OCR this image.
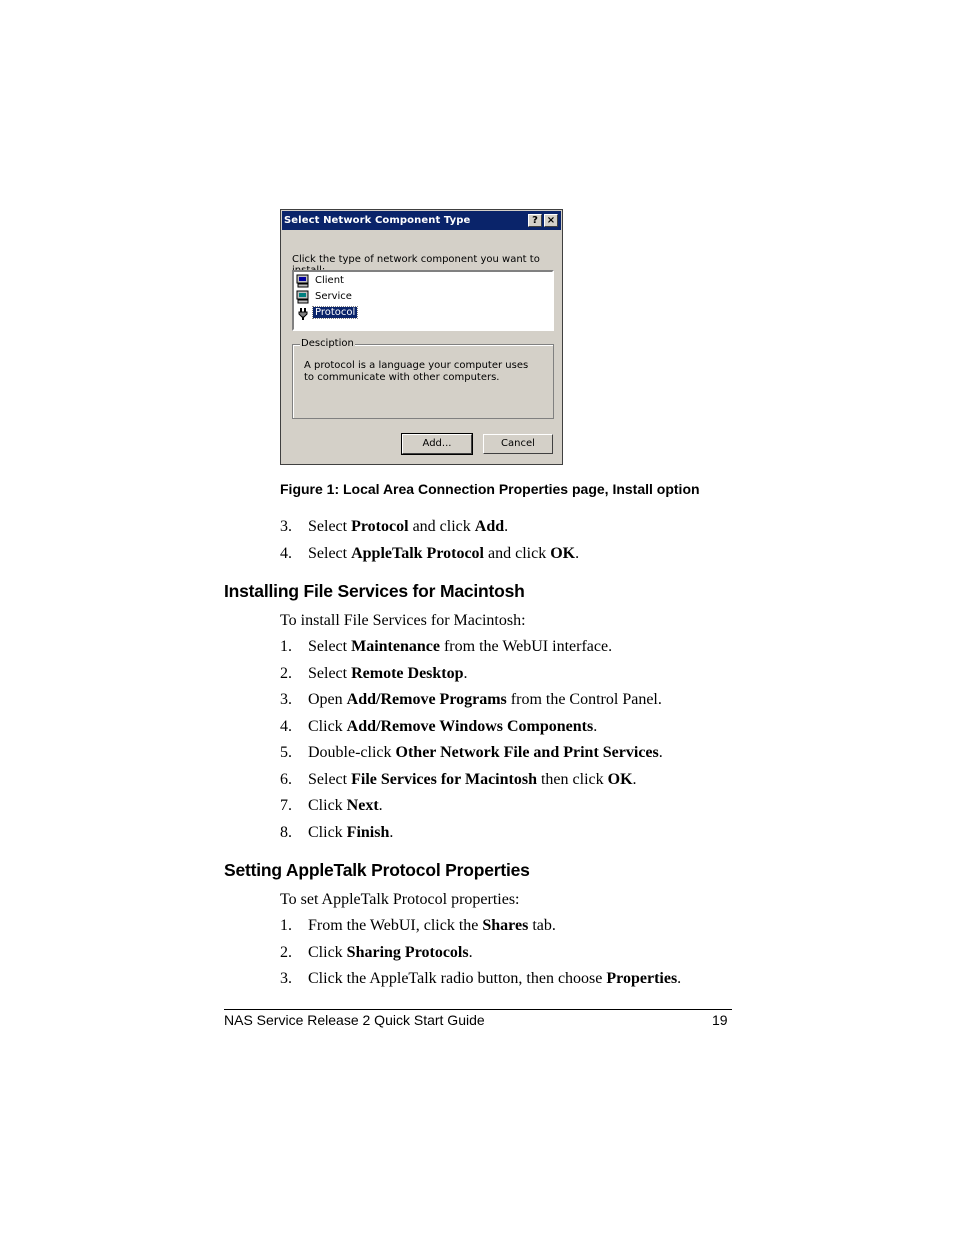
Select Network Component Type	? ×
Click the type of network component you want to
Client
Service
Protocol
Desciption
A protocol is a language your computer uses to communicate with other computers.
Add...	Cancel
Figure 1: Local Area Connection Properties page, Install option
3. Select Protocol and click Add.
4. Select AppleTalk Protocol and click OK.
Installing File Services for Macintosh
To install File Services for Macintosh:
1. Select Maintenance from the WebUI interface.
2. Select Remote Desktop.
3. Open Add/Remove Programs from the Control Panel.
4. Click Add/Remove Windows Components.
5. Double-click Other Network File and Print Services.
6. Select File Services for Macintosh then click OK.
7. Click Next.
8. Click Finish.
Setting AppleTalk Protocol Properties
To set AppleTalk Protocol properties:
1. From the WebUI, click the Shares tab.
2. Click Sharing Protocols.
3. Click the AppleTalk radio button, then choose Properties.
NAS Service Release 2 Quick Start Guide	19
